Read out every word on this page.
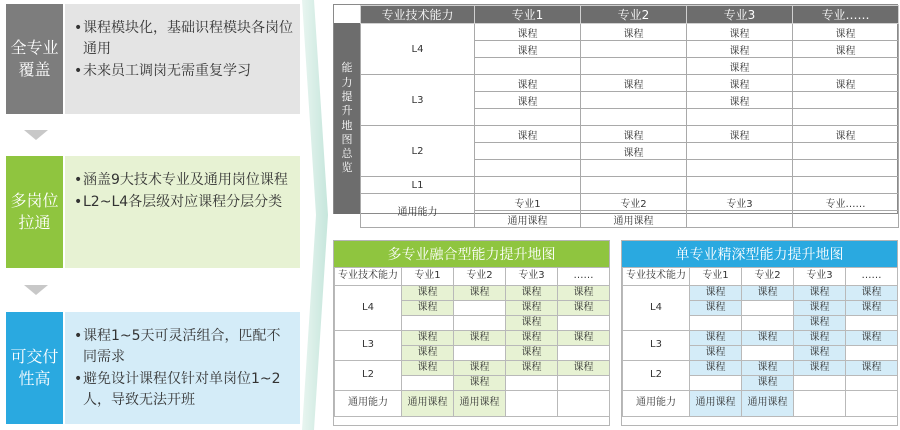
全专业覆盖

• 课程模块化，基础识程模块各岗位通用

• 未来员工调岗无需重复学习

多岗位拉通

• 涵盖9大技术专业及通用岗位课程

• L2~L4各层级对应课程分层分类

可交付性高

• 课程1~5天可灵活组合，匹配不同需求

• 避免设计课程仅针对单岗位1~2人，导致无法开班

能
力
提
升
地
图
总
览
专业技术能力	专业1	专业2	专业3	专业……
L4	课程	课程	课程	课程
	课程		课程	课程
			课程	
L3	课程	课程	课程	课程
	课程		课程	

L2	课程	课程	课程	课程
		课程		

L1				
通用能力	专业1	专业2	专业3	专业……
	通用课程	通用课程		
多专业融合型能力提升地图
专业技术能力	专业1	专业2	专业3	……
L4	课程	课程	课程	课程
	课程		课程	课程
			课程	
L3	课程	课程	课程	课程
	课程		课程	
L2	课程	课程	课程	课程
		课程		
通用能力	通用课程	通用课程		
单专业精深型能力提升地图
专业技术能力	专业1	专业2	专业3	……
L4	课程	课程	课程	课程
	课程		课程	课程
			课程	
L3	课程	课程	课程	课程
	课程		课程	
L2	课程	课程	课程	课程
		课程		
通用能力	通用课程	通用课程		
